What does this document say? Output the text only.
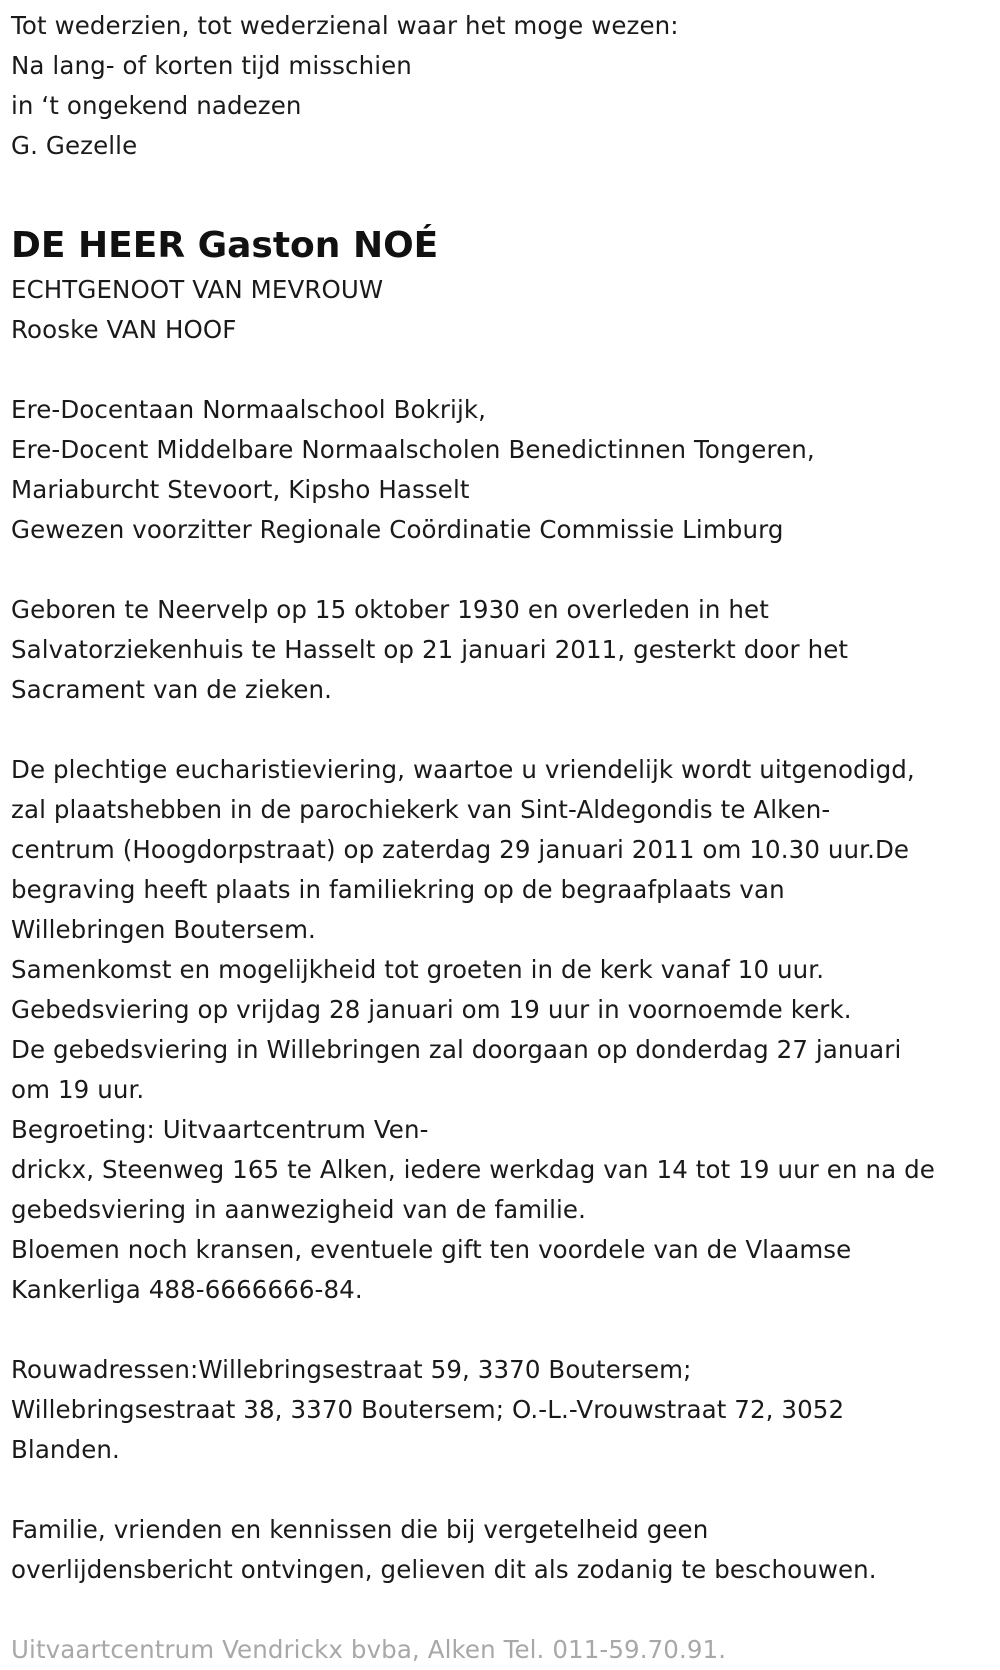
Tot wederzien, tot wederzienal waar het moge wezen:
Na lang- of korten tijd misschien
in ‘t ongekend nadezen
G. Gezelle
DE HEER Gaston NOÉ
ECHTGENOOT VAN MEVROUW
Rooske VAN HOOF
Ere-Docentaan Normaalschool Bokrijk,
Ere-Docent Middelbare Normaalscholen Benedictinnen Tongeren,
Mariaburcht Stevoort, Kipsho Hasselt
Gewezen voorzitter Regionale Coördinatie Commissie Limburg
Geboren te Neervelp op 15 oktober 1930 en overleden in het
Salvatorziekenhuis te Hasselt op 21 januari 2011, gesterkt door het
Sacrament van de zieken.
De plechtige eucharistieviering, waartoe u vriendelijk wordt uitgenodigd,
zal plaatshebben in de parochiekerk van Sint-Aldegondis te Alken-
centrum (Hoogdorpstraat) op zaterdag 29 januari 2011 om 10.30 uur.De
begraving heeft plaats in familiekring op de begraafplaats van
Willebringen Boutersem.
Samenkomst en mogelijkheid tot groeten in de kerk vanaf 10 uur.
Gebedsviering op vrijdag 28 januari om 19 uur in voornoemde kerk.
De gebedsviering in Willebringen zal doorgaan op donderdag 27 januari
om 19 uur.
Begroeting: Uitvaartcentrum Ven-
drickx, Steenweg 165 te Alken, iedere werkdag van 14 tot 19 uur en na de
gebedsviering in aanwezigheid van de familie.
Bloemen noch kransen, eventuele gift ten voordele van de Vlaamse
Kankerliga 488-6666666-84.
Rouwadressen:Willebringsestraat 59, 3370 Boutersem;
Willebringsestraat 38, 3370 Boutersem; O.-L.-Vrouwstraat 72, 3052
Blanden.
Familie, vrienden en kennissen die bij vergetelheid geen
overlijdensbericht ontvingen, gelieven dit als zodanig te beschouwen.
Uitvaartcentrum Vendrickx bvba, Alken Tel. 011-59.70.91.
